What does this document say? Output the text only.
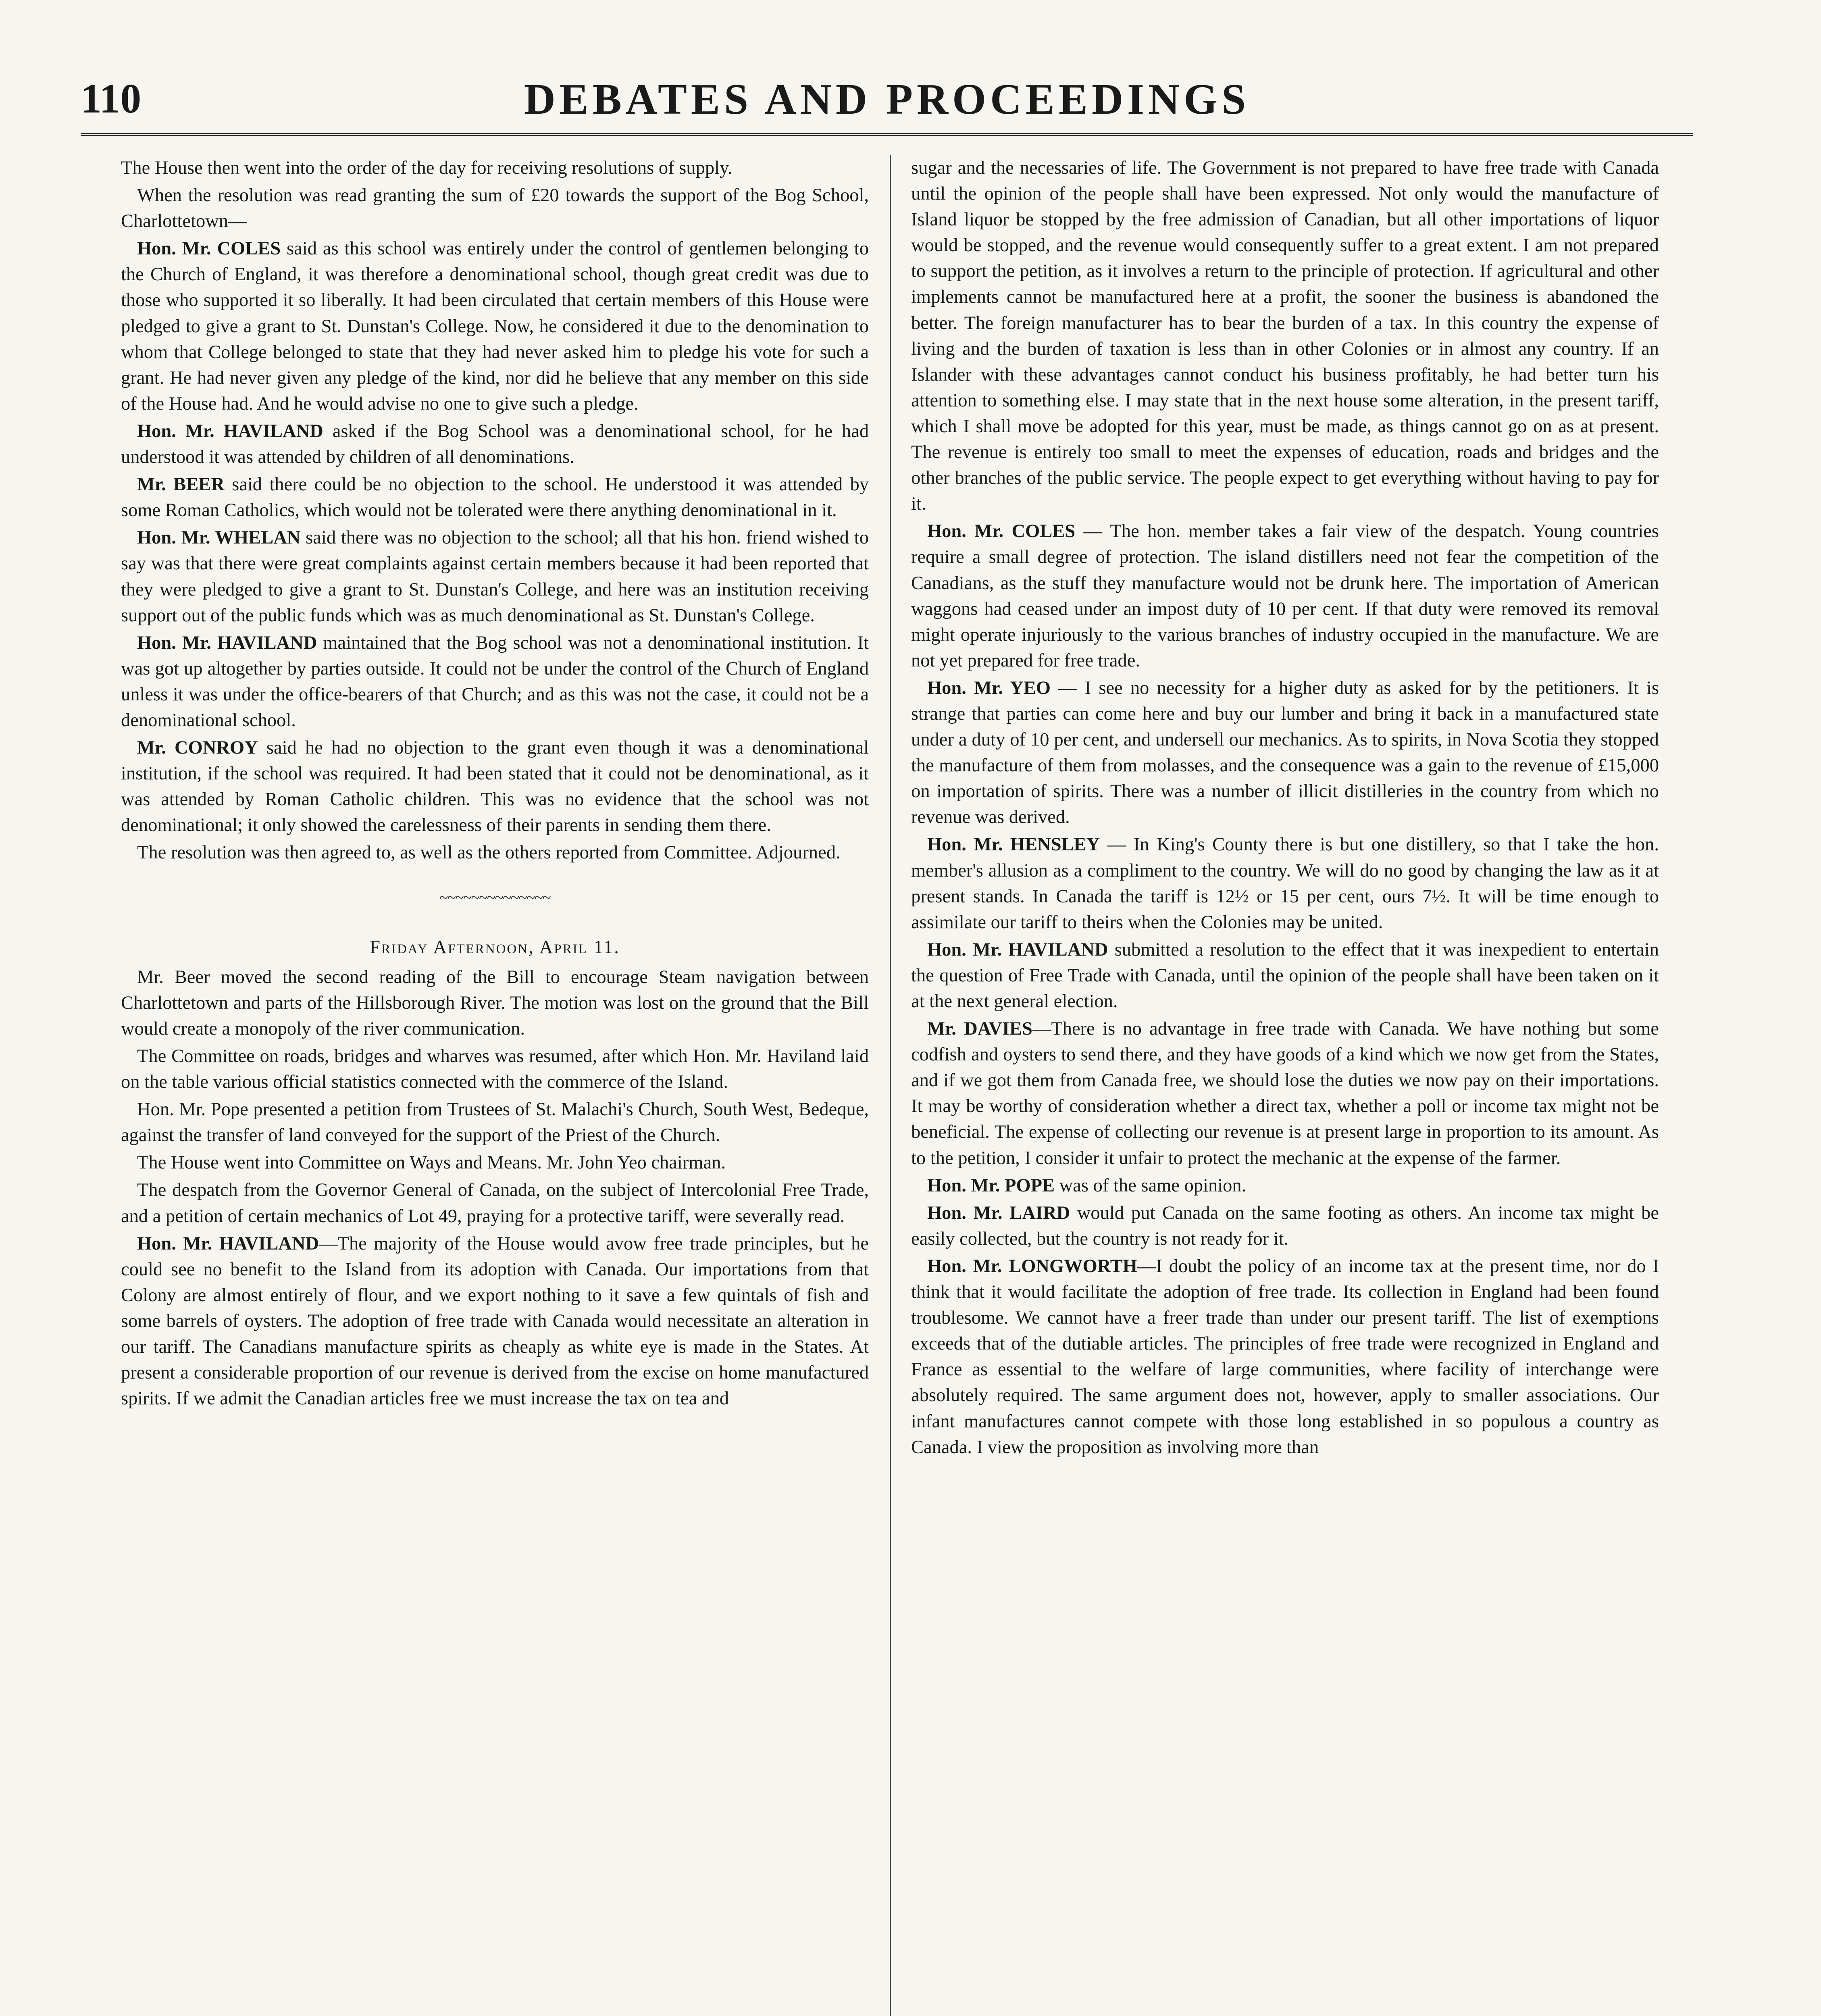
110	DEBATES AND PROCEEDINGS

The House then went into the order of the day for receiving resolutions of supply.

When the resolution was read granting the sum of £20 towards the support of the Bog School, Charlottetown—

Hon. Mr. COLES said as this school was entirely under the control of gentlemen belonging to the Church of England, it was therefore a denominational school, though great credit was due to those who supported it so liberally. It had been circulated that certain members of this House were pledged to give a grant to St. Dunstan's College. Now, he considered it due to the denomination to whom that College belonged to state that they had never asked him to pledge his vote for such a grant. He had never given any pledge of the kind, nor did he believe that any member on this side of the House had. And he would advise no one to give such a pledge.

Hon. Mr. HAVILAND asked if the Bog School was a denominational school, for he had understood it was attended by children of all denominations.

Mr. BEER said there could be no objection to the school. He understood it was attended by some Roman Catholics, which would not be tolerated were there anything denominational in it.

Hon. Mr. WHELAN said there was no objection to the school; all that his hon. friend wished to say was that there were great complaints against certain members because it had been reported that they were pledged to give a grant to St. Dunstan's College, and here was an institution receiving support out of the public funds which was as much denominational as St. Dunstan's College.

Hon. Mr. HAVILAND maintained that the Bog school was not a denominational institution. It was got up altogether by parties outside. It could not be under the control of the Church of England unless it was under the office-bearers of that Church; and as this was not the case, it could not be a denominational school.

Mr. CONROY said he had no objection to the grant even though it was a denominational institution, if the school was required. It had been stated that it could not be denominational, as it was attended by Roman Catholic children. This was no evidence that the school was not denominational; it only showed the carelessness of their parents in sending them there.

The resolution was then agreed to, as well as the others reported from Committee. Adjourned.

~~~~~~~~~~~~~~
Friday Afternoon, April 11.

Mr. Beer moved the second reading of the Bill to encourage Steam navigation between Charlottetown and parts of the Hillsborough River. The motion was lost on the ground that the Bill would create a monopoly of the river communication.

The Committee on roads, bridges and wharves was resumed, after which Hon. Mr. Haviland laid on the table various official statistics connected with the commerce of the Island.

Hon. Mr. Pope presented a petition from Trustees of St. Malachi's Church, South West, Bedeque, against the transfer of land conveyed for the support of the Priest of the Church.

The House went into Committee on Ways and Means. Mr. John Yeo chairman.

The despatch from the Governor General of Canada, on the subject of Intercolonial Free Trade, and a petition of certain mechanics of Lot 49, praying for a protective tariff, were severally read.

Hon. Mr. HAVILAND—The majority of the House would avow free trade principles, but he could see no benefit to the Island from its adoption with Canada. Our importations from that Colony are almost entirely of flour, and we export nothing to it save a few quintals of fish and some barrels of oysters. The adoption of free trade with Canada would necessitate an alteration in our tariff. The Canadians manufacture spirits as cheaply as white eye is made in the States. At present a considerable proportion of our revenue is derived from the excise on home manufactured spirits. If we admit the Canadian articles free we must increase the tax on tea and

sugar and the necessaries of life. The Government is not prepared to have free trade with Canada until the opinion of the people shall have been expressed. Not only would the manufacture of Island liquor be stopped by the free admission of Canadian, but all other importations of liquor would be stopped, and the revenue would consequently suffer to a great extent. I am not prepared to support the petition, as it involves a return to the principle of protection. If agricultural and other implements cannot be manufactured here at a profit, the sooner the business is abandoned the better. The foreign manufacturer has to bear the burden of a tax. In this country the expense of living and the burden of taxation is less than in other Colonies or in almost any country. If an Islander with these advantages cannot conduct his business profitably, he had better turn his attention to something else. I may state that in the next house some alteration, in the present tariff, which I shall move be adopted for this year, must be made, as things cannot go on as at present. The revenue is entirely too small to meet the expenses of education, roads and bridges and the other branches of the public service. The people expect to get everything without having to pay for it.

Hon. Mr. COLES — The hon. member takes a fair view of the despatch. Young countries require a small degree of protection. The island distillers need not fear the competition of the Canadians, as the stuff they manufacture would not be drunk here. The importation of American waggons had ceased under an impost duty of 10 per cent. If that duty were removed its removal might operate injuriously to the various branches of industry occupied in the manufacture. We are not yet prepared for free trade.

Hon. Mr. YEO — I see no necessity for a higher duty as asked for by the petitioners. It is strange that parties can come here and buy our lumber and bring it back in a manufactured state under a duty of 10 per cent, and undersell our mechanics. As to spirits, in Nova Scotia they stopped the manufacture of them from molasses, and the consequence was a gain to the revenue of £15,000 on importation of spirits. There was a number of illicit distilleries in the country from which no revenue was derived.

Hon. Mr. HENSLEY — In King's County there is but one distillery, so that I take the hon. member's allusion as a compliment to the country. We will do no good by changing the law as it at present stands. In Canada the tariff is 12½ or 15 per cent, ours 7½. It will be time enough to assimilate our tariff to theirs when the Colonies may be united.

Hon. Mr. HAVILAND submitted a resolution to the effect that it was inexpedient to entertain the question of Free Trade with Canada, until the opinion of the people shall have been taken on it at the next general election.

Mr. DAVIES—There is no advantage in free trade with Canada. We have nothing but some codfish and oysters to send there, and they have goods of a kind which we now get from the States, and if we got them from Canada free, we should lose the duties we now pay on their importations. It may be worthy of consideration whether a direct tax, whether a poll or income tax might not be beneficial. The expense of collecting our revenue is at present large in proportion to its amount. As to the petition, I consider it unfair to protect the mechanic at the expense of the farmer.

Hon. Mr. POPE was of the same opinion.

Hon. Mr. LAIRD would put Canada on the same footing as others. An income tax might be easily collected, but the country is not ready for it.

Hon. Mr. LONGWORTH—I doubt the policy of an income tax at the present time, nor do I think that it would facilitate the adoption of free trade. Its collection in England had been found troublesome. We cannot have a freer trade than under our present tariff. The list of exemptions exceeds that of the dutiable articles. The principles of free trade were recognized in England and France as essential to the welfare of large communities, where facility of interchange were absolutely required. The same argument does not, however, apply to smaller associations. Our infant manufactures cannot compete with those long established in so populous a country as Canada. I view the proposition as involving more than
